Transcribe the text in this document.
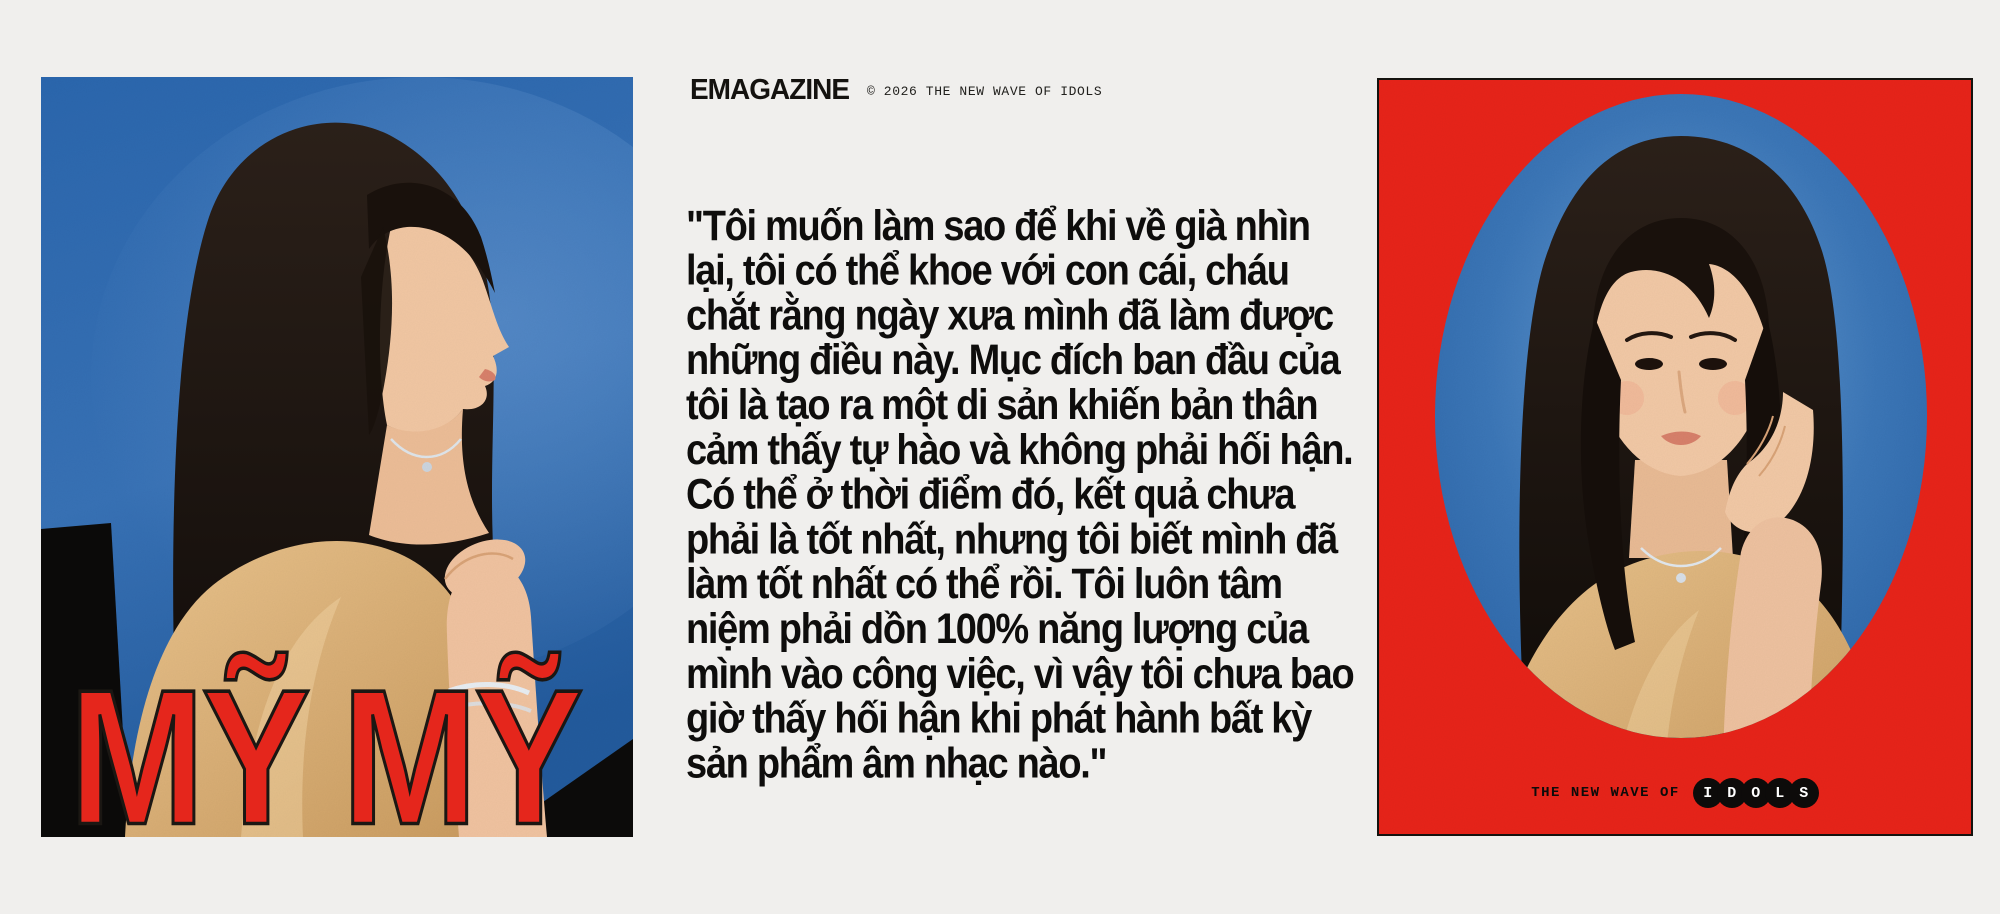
EMAGAZINE © 2026 THE NEW WAVE OF IDOLS
MỸ MỸ

"Tôi muốn làm sao để khi về già nhìn lại, tôi có thể khoe với con cái, cháu chắt rằng ngày xưa mình đã làm được những điều này. Mục đích ban đầu của tôi là tạo ra một di sản khiến bản thân cảm thấy tự hào và không phải hối hận. Có thể ở thời điểm đó, kết quả chưa phải là tốt nhất, nhưng tôi biết mình đã làm tốt nhất có thể rồi. Tôi luôn tâm niệm phải dồn 100% năng lượng của mình vào công việc, vì vậy tôi chưa bao giờ thấy hối hận khi phát hành bất kỳ sản phẩm âm nhạc nào."

THE NEW WAVE OF	I D O L S
